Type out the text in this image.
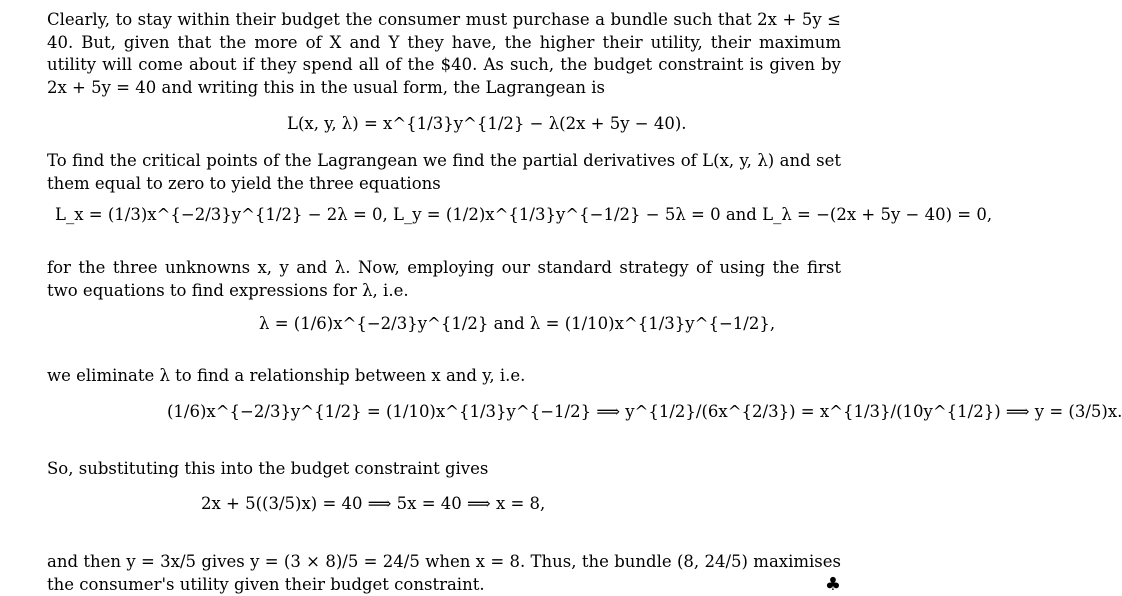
Clearly, to stay within their budget the consumer must purchase a bundle such that 2x + 5y ≤ 40. But, given that the more of X and Y they have, the higher their utility, their maximum utility will come about if they spend all of the $40. As such, the budget constraint is given by 2x + 5y = 40 and writing this in the usual form, the Lagrangean is

L(x, y, λ) = x^{1/3}y^{1/2} − λ(2x + 5y − 40).

To find the critical points of the Lagrangean we find the partial derivatives of L(x, y, λ) and set them equal to zero to yield the three equations

L_x = (1/3)x^{−2/3}y^{1/2} − 2λ = 0, L_y = (1/2)x^{1/3}y^{−1/2} − 5λ = 0 and L_λ = −(2x + 5y − 40) = 0,

for the three unknowns x, y and λ. Now, employing our standard strategy of using the first two equations to find expressions for λ, i.e.

λ = (1/6)x^{−2/3}y^{1/2} and λ = (1/10)x^{1/3}y^{−1/2},

we eliminate λ to find a relationship between x and y, i.e.

(1/6)x^{−2/3}y^{1/2} = (1/10)x^{1/3}y^{−1/2} ⟹ y^{1/2}/(6x^{2/3}) = x^{1/3}/(10y^{1/2}) ⟹ y = (3/5)x.

So, substituting this into the budget constraint gives

2x + 5((3/5)x) = 40 ⟹ 5x = 40 ⟹ x = 8,

and then y = 3x/5 gives y = (3 × 8)/5 = 24/5 when x = 8. Thus, the bundle (8, 24/5) maximises the consumer's utility given their budget constraint.	♣
